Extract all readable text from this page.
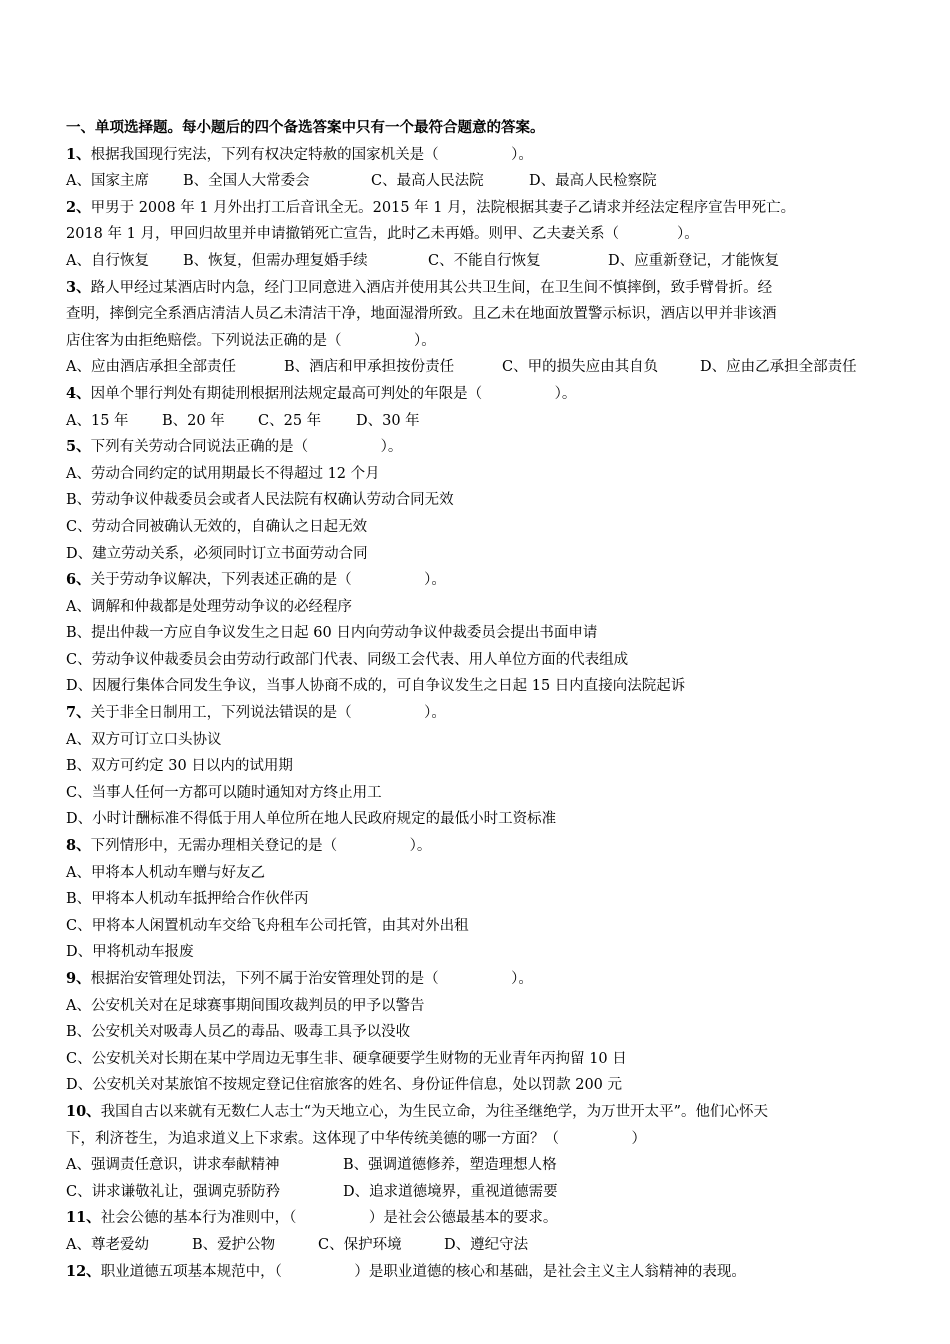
一、单项选择题。每小题后的四个备选答案中只有一个最符合题意的答案。
1、根据我国现行宪法，下列有权决定特赦的国家机关是（　　　　　）。
A、国家主席 B、全国人大常委会	C、最高人民法院	D、最高人民检察院
2、甲男于 2008 年 1 月外出打工后音讯全无。2015 年 1 月，法院根据其妻子乙请求并经法定程序宣告甲死亡。
2018 年 1 月，甲回归故里并申请撤销死亡宣告，此时乙未再婚。则甲、乙夫妻关系（　　　　）。
A、自行恢复 B、恢复，但需办理复婚手续	C、不能自行恢复	D、应重新登记，才能恢复
3、路人甲经过某酒店时内急，经门卫同意进入酒店并使用其公共卫生间，在卫生间不慎摔倒，致手臂骨折。经
查明，摔倒完全系酒店清洁人员乙未清洁干净，地面湿滑所致。且乙未在地面放置警示标识，酒店以甲并非该酒
店住客为由拒绝赔偿。下列说法正确的是（　　　　　）。
A、应由酒店承担全部责任	B、酒店和甲承担按份责任	C、甲的损失应由其自负	D、应由乙承担全部责任
4、因单个罪行判处有期徒刑根据刑法规定最高可判处的年限是（　　　　　）。
A、15 年 B、20 年 C、25 年 D、30 年
5、下列有关劳动合同说法正确的是（　　　　　）。
A、劳动合同约定的试用期最长不得超过 12 个月
B、劳动争议仲裁委员会或者人民法院有权确认劳动合同无效
C、劳动合同被确认无效的，自确认之日起无效
D、建立劳动关系，必须同时订立书面劳动合同
6、关于劳动争议解决，下列表述正确的是（　　　　　）。
A、调解和仲裁都是处理劳动争议的必经程序
B、提出仲裁一方应自争议发生之日起 60 日内向劳动争议仲裁委员会提出书面申请
C、劳动争议仲裁委员会由劳动行政部门代表、同级工会代表、用人单位方面的代表组成
D、因履行集体合同发生争议，当事人协商不成的，可自争议发生之日起 15 日内直接向法院起诉
7、关于非全日制用工，下列说法错误的是（　　　　　）。
A、双方可订立口头协议
B、双方可约定 30 日以内的试用期
C、当事人任何一方都可以随时通知对方终止用工
D、小时计酬标准不得低于用人单位所在地人民政府规定的最低小时工资标准
8、下列情形中，无需办理相关登记的是（　　　　　）。
A、甲将本人机动车赠与好友乙
B、甲将本人机动车抵押给合作伙伴丙
C、甲将本人闲置机动车交给飞舟租车公司托管，由其对外出租
D、甲将机动车报废
9、根据治安管理处罚法，下列不属于治安管理处罚的是（　　　　　）。
A、公安机关对在足球赛事期间围攻裁判员的甲予以警告
B、公安机关对吸毒人员乙的毒品、吸毒工具予以没收
C、公安机关对长期在某中学周边无事生非、硬拿硬要学生财物的无业青年丙拘留 10 日
D、公安机关对某旅馆不按规定登记住宿旅客的姓名、身份证件信息，处以罚款 200 元
10、我国自古以来就有无数仁人志士“为天地立心，为生民立命，为往圣继绝学，为万世开太平”。他们心怀天
下，利济苍生，为追求道义上下求索。这体现了中华传统美德的哪一方面？（　　　　　）
A、强调责任意识，讲求奉献精神	B、强调道德修养，塑造理想人格
C、讲求谦敬礼让，强调克骄防矜	D、追求道德境界，重视道德需要
11、社会公德的基本行为准则中，（　　　　　）是社会公德最基本的要求。
A、尊老爱幼	B、爱护公物	C、保护环境	D、遵纪守法
12、职业道德五项基本规范中，（　　　　　）是职业道德的核心和基础，是社会主义主人翁精神的表现。
